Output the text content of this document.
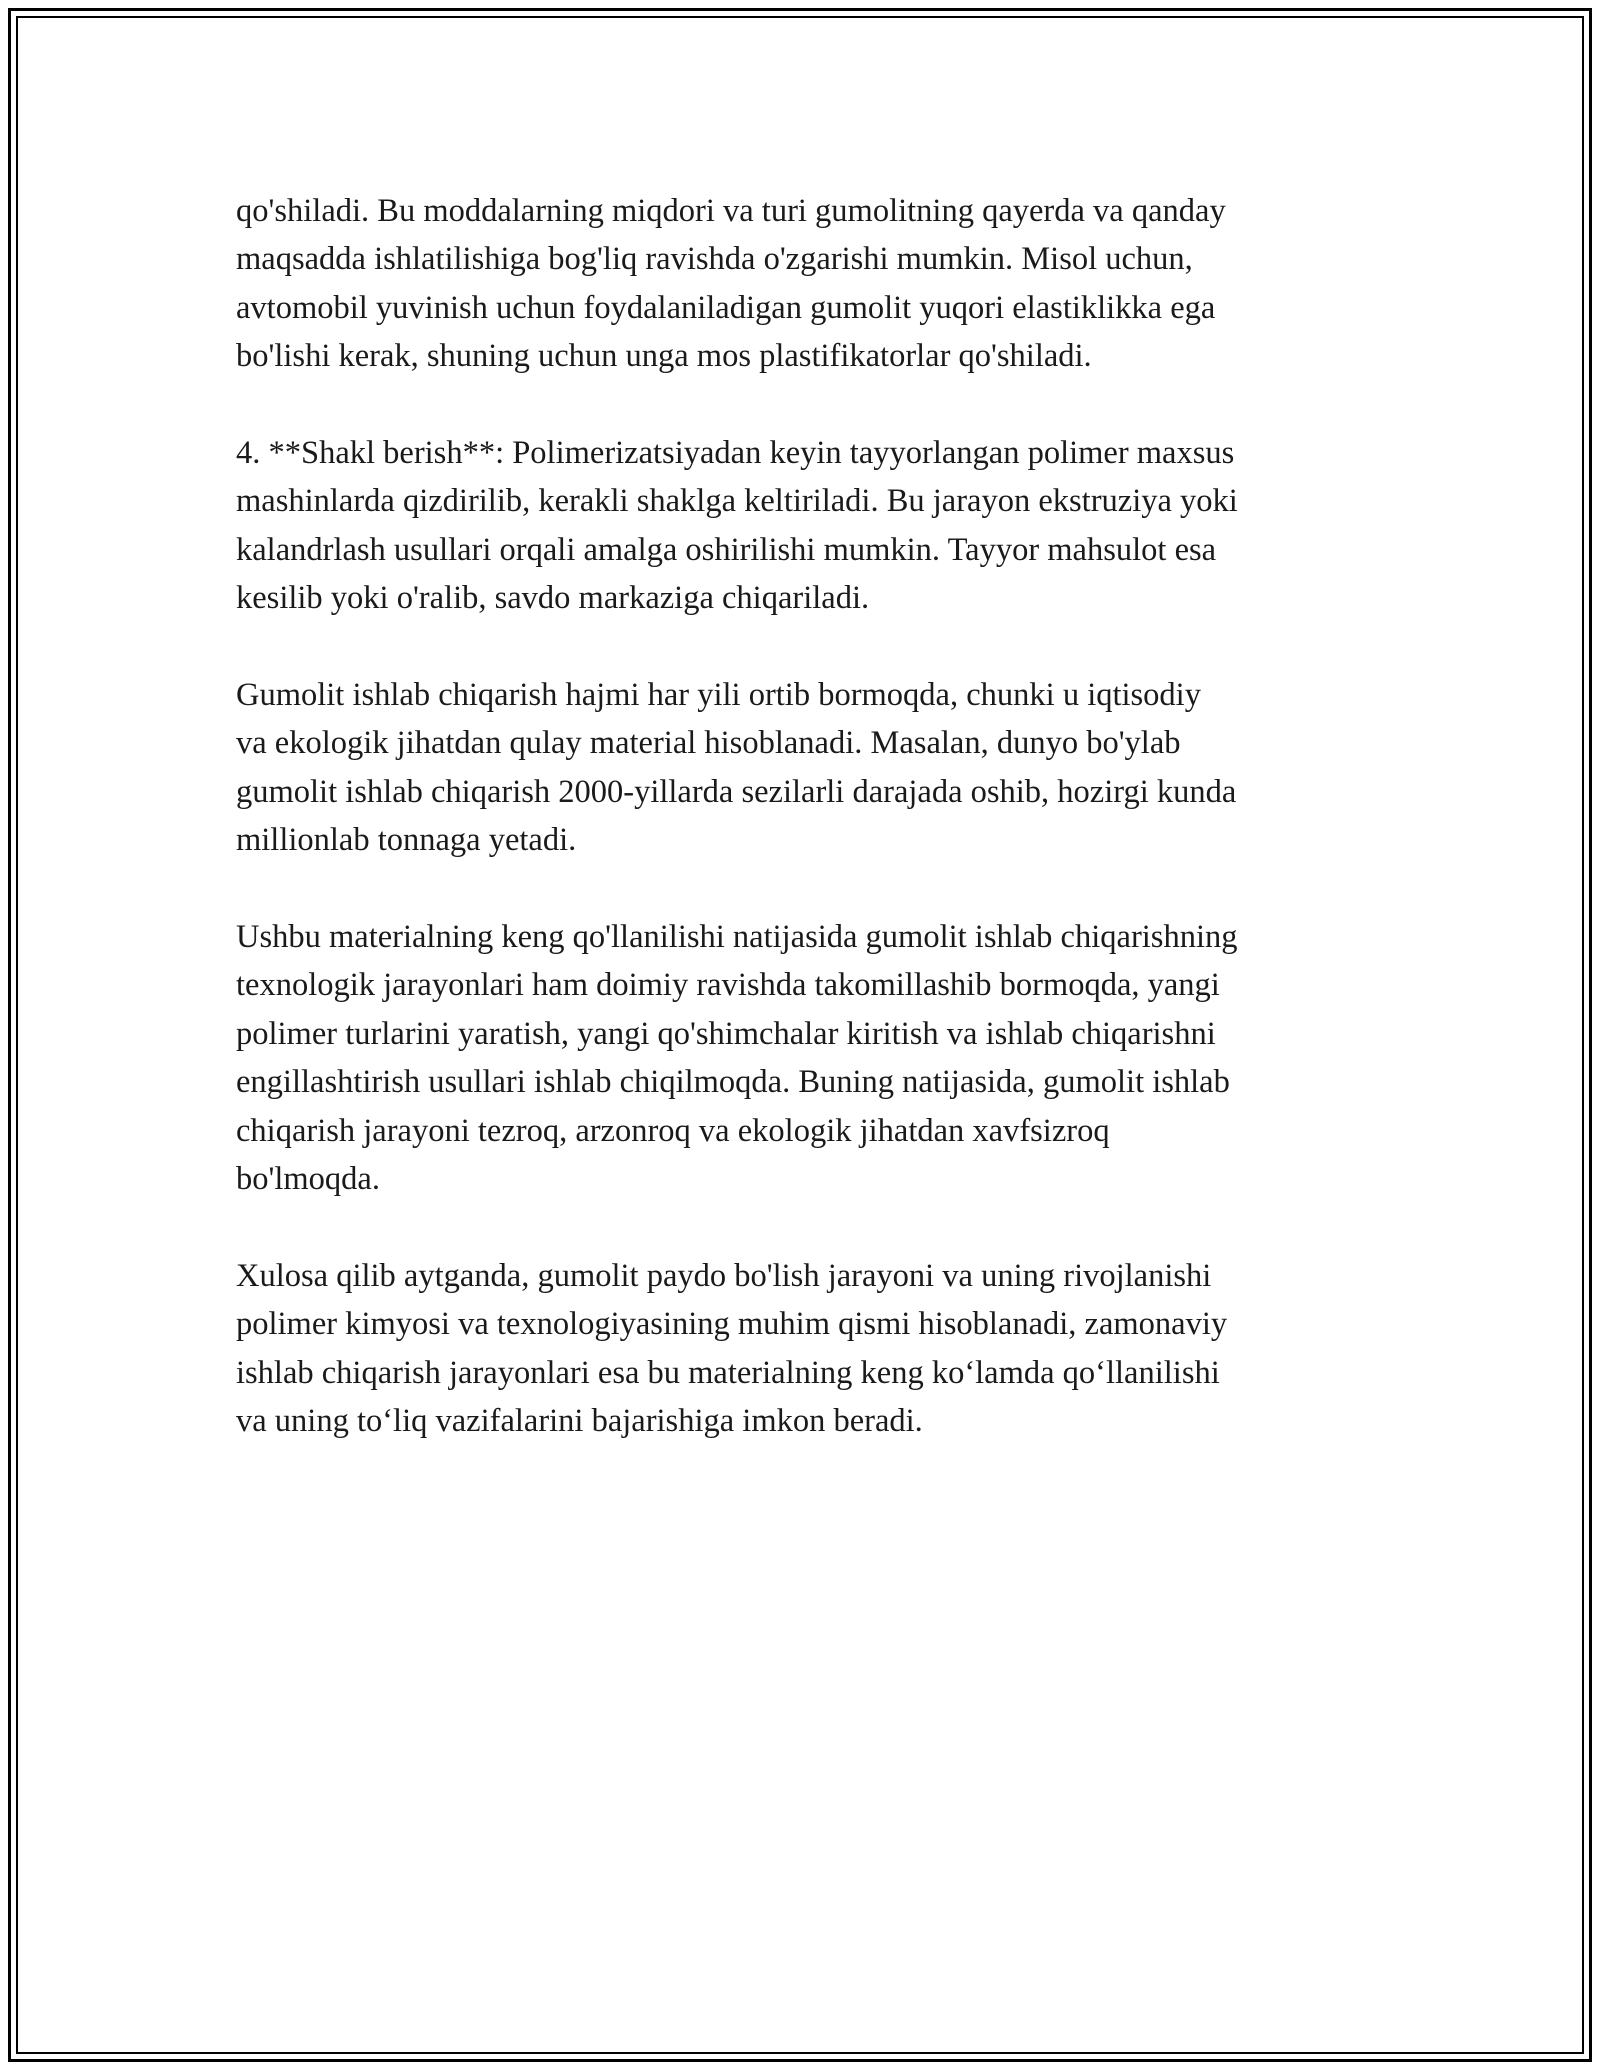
qo'shiladi. Bu moddalarning miqdori va turi gumolitning qayerda va qanday
maqsadda ishlatilishiga bog'liq ravishda o'zgarishi mumkin. Misol uchun,
avtomobil yuvinish uchun foydalaniladigan gumolit yuqori elastiklikka ega
bo'lishi kerak, shuning uchun unga mos plastifikatorlar qo'shiladi.

4. **Shakl berish**: Polimerizatsiyadan keyin tayyorlangan polimer maxsus
mashinlarda qizdirilib, kerakli shaklga keltiriladi. Bu jarayon ekstruziya yoki
kalandrlash usullari orqali amalga oshirilishi mumkin. Tayyor mahsulot esa
kesilib yoki o'ralib, savdo markaziga chiqariladi.

Gumolit ishlab chiqarish hajmi har yili ortib bormoqda, chunki u iqtisodiy
va ekologik jihatdan qulay material hisoblanadi. Masalan, dunyo bo'ylab
gumolit ishlab chiqarish 2000-yillarda sezilarli darajada oshib, hozirgi kunda
millionlab tonnaga yetadi.

Ushbu materialning keng qo'llanilishi natijasida gumolit ishlab chiqarishning
texnologik jarayonlari ham doimiy ravishda takomillashib bormoqda, yangi
polimer turlarini yaratish, yangi qo'shimchalar kiritish va ishlab chiqarishni
engillashtirish usullari ishlab chiqilmoqda. Buning natijasida, gumolit ishlab
chiqarish jarayoni tezroq, arzonroq va ekologik jihatdan xavfsizroq
bo'lmoqda.

Xulosa qilib aytganda, gumolit paydo bo'lish jarayoni va uning rivojlanishi
polimer kimyosi va texnologiyasining muhim qismi hisoblanadi, zamonaviy
ishlab chiqarish jarayonlari esa bu materialning keng ko‘lamda qo‘llanilishi
va uning to‘liq vazifalarini bajarishiga imkon beradi.
